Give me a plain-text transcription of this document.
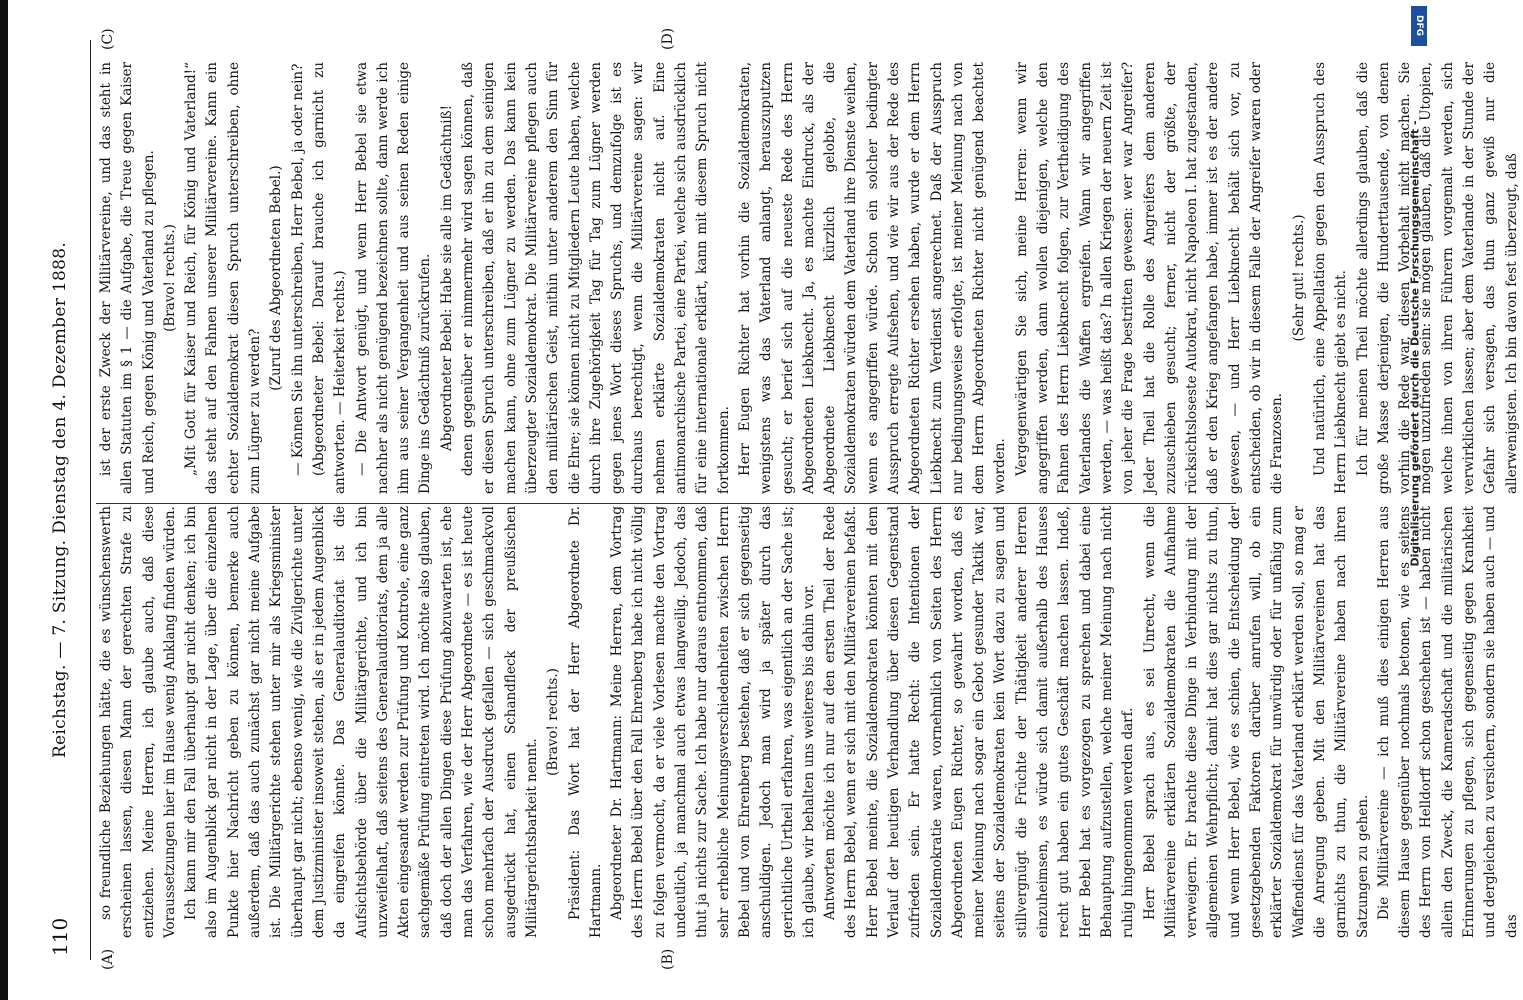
110
Reichstag. — 7. Sitzung. Dienstag den 4. Dezember 1888.
(A)	(B)
(C)	(D)

so freundliche Beziehungen hätte, die es wünschenswerth erscheinen lassen, diesen Mann der gerechten Strafe zu entziehen. Meine Herren, ich glaube auch, daß diese Voraussetzungen hier im Hause wenig Anklang finden würden. Ich kann mir den Fall überhaupt gar nicht denken; ich bin also im Augenblick gar nicht in der Lage, über die einzelnen Punkte hier Nachricht geben zu können, bemerke auch außerdem, daß das auch zunächst gar nicht meine Aufgabe ist. Die Militärgerichte stehen unter mir als Kriegsminister überhaupt gar nicht; ebenso wenig, wie die Zivilgerichte unter dem Justizminister insoweit stehen, als er in jedem Augenblick da eingreifen könnte. Das Generalauditoriat ist die Aufsichtsbehörde über die Militärgerichte, und ich bin unzweifelhaft, daß seitens des Generalauditoriats, dem ja alle Akten eingesandt werden zur Prüfung und Kontrole, eine ganz sachgemäße Prüfung eintreten wird. Ich möchte also glauben, daß doch der allen Dingen diese Prüfung abzuwarten ist, ehe man das Verfahren, wie der Herr Abgeordnete — es ist heute schon mehrfach der Ausdruck gefallen — sich geschmackvoll ausgedrückt hat, einen Schandfleck der preußischen Militärgerichtsbarkeit nennt.

(Bravo! rechts.) Präsident: Das Wort hat der Herr Abgeordnete Dr. Hartmann. Abgeordneter Dr. Hartmann: Meine Herren, dem Vortrag des Herrn Bebel über den Fall Ehrenberg habe ich nicht völlig zu folgen vermocht, da er viele Vorlesen machte den Vortrag undeutlich, ja manchmal auch etwas langweilig. Jedoch, das thut ja nichts zur Sache. Ich habe nur daraus entnommen, daß sehr erhebliche Meinungsverschiedenheiten zwischen Herrn Bebel und von Ehrenberg bestehen, daß er sich gegenseitig anschuldigen. Jedoch man wird ja später durch das gerichtliche Urtheil erfahren, was eigentlich an der Sache ist; ich glaube, wir behalten uns weiteres bis dahin vor. Antworten möchte ich nur auf den ersten Theil der Rede des Herrn Bebel, wenn er sich mit den Militärvereinen befaßt. Herr Bebel meinte, die Sozialdemokraten könnten mit dem Verlauf der heutigen Verhandlung über diesen Gegenstand zufrieden sein. Er hatte Recht: die Intentionen der Sozialdemokratie waren, vornehmlich von Seiten des Herrn Abgeordneten Eugen Richter, so gewahrt worden, daß es meiner Meinung nach sogar ein Gebot gesunder Taktik war, seitens der Sozialdemokraten kein Wort dazu zu sagen und stillvergnügt die Früchte der Thätigkeit anderer Herren einzuheimsen, es würde sich damit außerhalb des Hauses recht gut haben ein gutes Geschäft machen lassen. Indeß, Herr Bebel hat es vorgezogen zu sprechen und dabei eine Behauptung aufzustellen, welche meiner Meinung nach nicht ruhig hingenommen werden darf. Herr Bebel sprach aus, es sei Unrecht, wenn die Militärvereine erklärten Sozialdemokraten die Aufnahme verweigern. Er brachte diese Dinge in Verbindung mit der allgemeinen Wehrpflicht; damit hat dies gar nichts zu thun, und wenn Herr Bebel, wie es schien, die Entscheidung der gesetzgebenden Faktoren darüber anrufen will, ob ein erklärter Sozialdemokrat für unwürdig oder für unfähig zum Waffendienst für das Vaterland erklärt werden soll, so mag er die Anregung geben. Mit den Militärvereinen hat das garnichts zu thun, die Militärvereine haben nach ihren Satzungen zu gehen. Die Militärvereine — ich muß dies einigen Herren aus diesem Hause gegenüber nochmals betonen, wie es seitens des Herrn von Helldorff schon geschehen ist — haben nicht allein den Zweck, die Kameradschaft und die militärischen Erinnerungen zu pflegen, sich gegenseitig gegen Krankheit und dergleichen zu versichern, sondern sie haben auch — und das

ist der erste Zweck der Militärvereine, und das steht in allen Statuten im § 1 — die Aufgabe, die Treue gegen Kaiser und Reich, gegen König und Vaterland zu pflegen. (Bravo! rechts.) „Mit Gott für Kaiser und Reich, für König und Vaterland!“ das steht auf den Fahnen unserer Militärvereine. Kann ein echter Sozialdemokrat diesen Spruch unterschreiben, ohne zum Lügner zu werden?

(Zuruf des Abgeordneten Bebel.) — Können Sie ihn unterschreiben, Herr Bebel, ja oder nein? (Abgeordneter Bebel: Darauf brauche ich garnicht zu antworten. — Heiterkeit rechts.) — Die Antwort genügt, und wenn Herr Bebel sie etwa nachher als nicht genügend bezeichnen sollte, dann werde ich ihm aus seiner Vergangenheit und aus seinen Reden einige Dinge ins Gedächtniß zurückrufen. Abgeordneter Bebel: Habe sie alle im Gedächtniß! denen gegenüber er nimmermehr wird sagen können, daß er diesen Spruch unterschreiben, daß er ihn zu dem seinigen machen kann, ohne zum Lügner zu werden. Das kann kein überzeugter Sozialdemokrat. Die Militärvereine pflegen auch den militärischen Geist, mithin unter anderem den Sinn für die Ehre; sie können nicht zu Mitgliedern Leute haben, welche durch ihre Zugehörigkeit Tag für Tag zum Lügner werden gegen jenes Wort dieses Spruchs, und demzufolge ist es durchaus berechtigt, wenn die Militärvereine sagen: wir nehmen erklärte Sozialdemokraten nicht auf. Eine antimonarchische Partei, eine Partei, welche sich ausdrücklich für eine internationale erklärt, kann mit diesem Spruch nicht fortkommen. Herr Eugen Richter hat vorhin die Sozialdemokraten, wenigstens was das Vaterland anlangt, herauszuputzen gesucht; er berief sich auf die neueste Rede des Herrn Abgeordneten Liebknecht. Ja, es machte Eindruck, als der Abgeordnete Liebknecht kürzlich gelobte, die Sozialdemokraten würden dem Vaterland ihre Dienste weihen, wenn es angegriffen würde. Schon ein solcher bedingter Ausspruch erregte Aufsehen, und wie wir aus der Rede des Abgeordneten Richter ersehen haben, wurde er dem Herrn Liebknecht zum Verdienst angerechnet. Daß der Ausspruch nur bedingungsweise erfolgte, ist meiner Meinung nach von dem Herrn Abgeordneten Richter nicht genügend beachtet worden. Vergegenwärtigen Sie sich, meine Herren: wenn wir angegriffen werden, dann wollen diejenigen, welche den Fahnen des Herrn Liebknecht folgen, zur Vertheidigung des Vaterlandes die Waffen ergreifen. Wann wir angegriffen werden, — was heißt das? In allen Kriegen der neuern Zeit ist von jeher die Frage bestritten gewesen: wer war Angreifer? Jeder Theil hat die Rolle des Angreifers dem anderen zuzuschieben gesucht; ferner, nicht der größte, der rücksichtsloseste Autokrat, nicht Napoleon I. hat zugestanden, daß er den Krieg angefangen habe, immer ist es der andere gewesen, — und Herr Liebknecht behält sich vor, zu entscheiden, ob wir in diesem Falle der Angreifer waren oder die Franzosen.

(Sehr gut! rechts.) Und natürlich, eine Appellation gegen den Ausspruch des Herrn Liebknecht giebt es nicht. Ich für meinen Theil möchte allerdings glauben, daß die große Masse derjenigen, die Hunderttausende, von denen vorhin die Rede war, diesen Vorbehalt nicht machen. Sie mögen unzufrieden sein: sie mögen glauben, daß die Utopien, welche ihnen von ihren Führern vorgemalt werden, sich verwirklichen lassen; aber dem Vaterlande in der Stunde der Gefahr sich versagen, das thun ganz gewiß nur die allerwenigsten. Ich bin davon fest überzeugt, daß

DFG
Digitalisierung gefördert durch die Deutsche Forschungsgemeinschaft -
